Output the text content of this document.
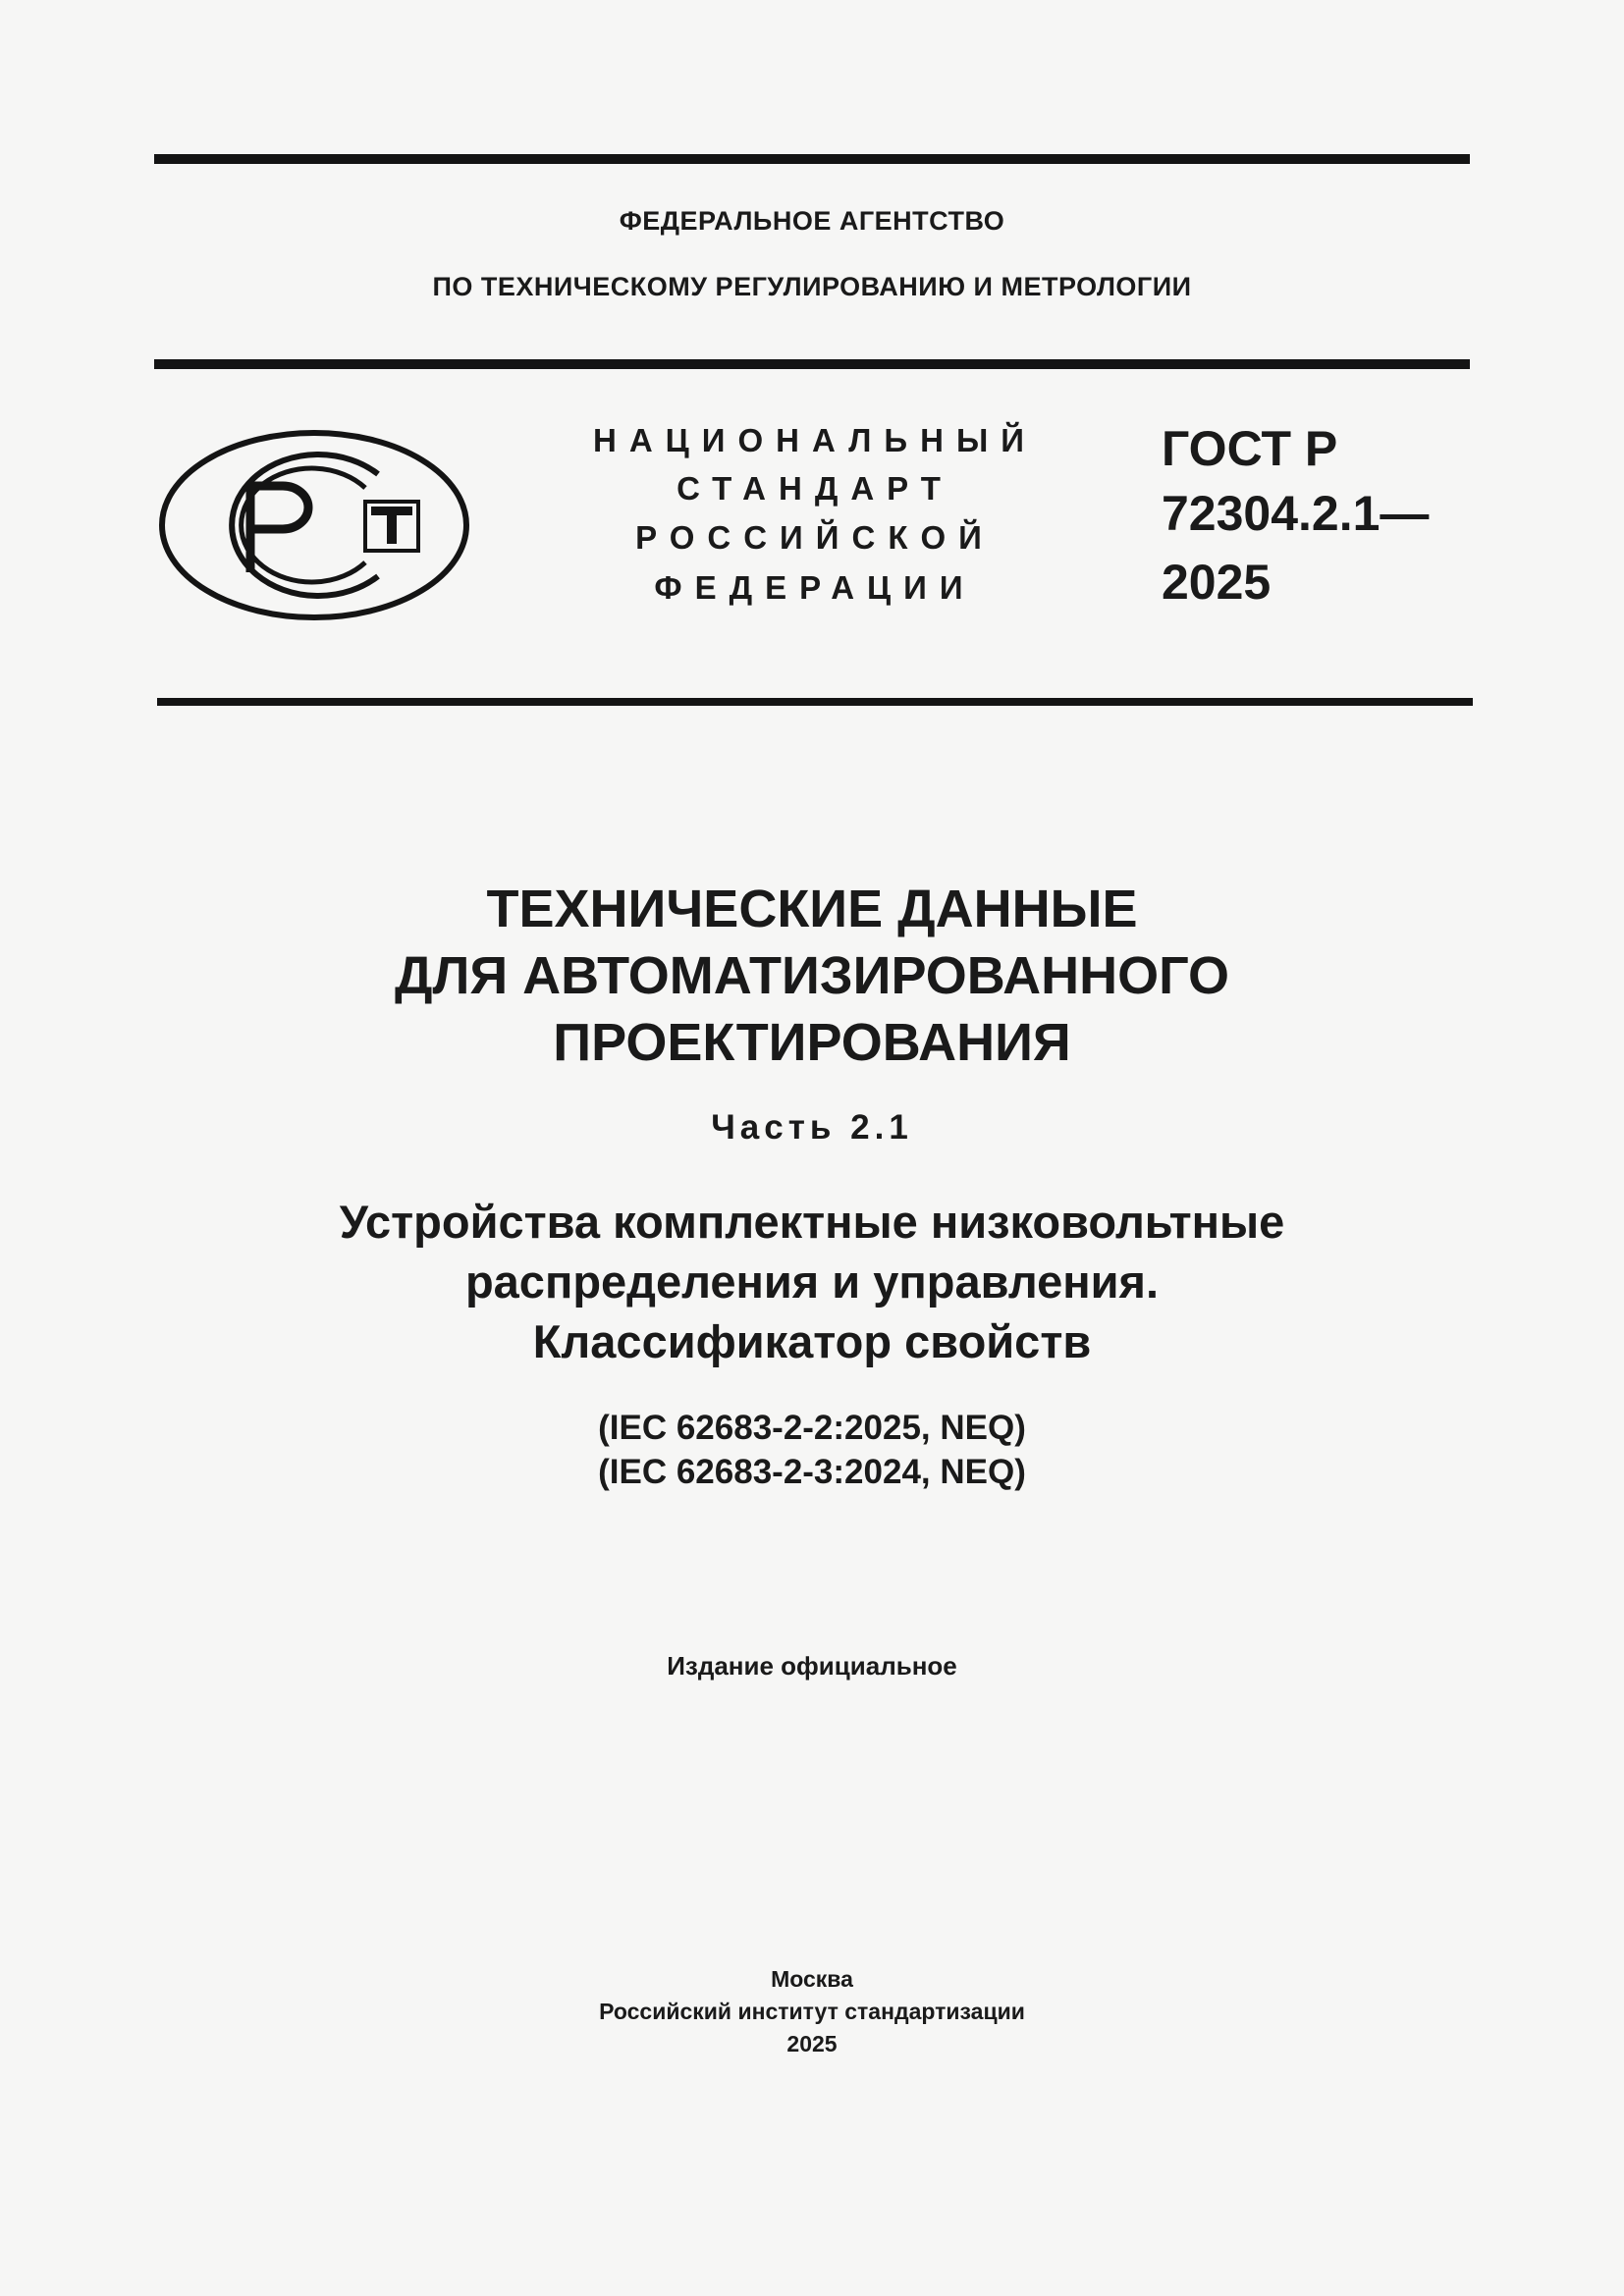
ФЕДЕРАЛЬНОЕ АГЕНТСТВО
ПО ТЕХНИЧЕСКОМУ РЕГУЛИРОВАНИЮ И МЕТРОЛОГИИ
НАЦИОНАЛЬНЫЙ
СТАНДАРТ
РОССИЙСКОЙ
ФЕДЕРАЦИИ
ГОСТ Р
72304.2.1—
2025
ТЕХНИЧЕСКИЕ ДАННЫЕ
ДЛЯ АВТОМАТИЗИРОВАННОГО
ПРОЕКТИРОВАНИЯ
Часть 2.1
Устройства комплектные низковольтные
распределения и управления.
Классификатор свойств
(IEC 62683-2-2:2025, NEQ)
(IEC 62683-2-3:2024, NEQ)
Издание официальное
Москва
Российский институт стандартизации
2025
